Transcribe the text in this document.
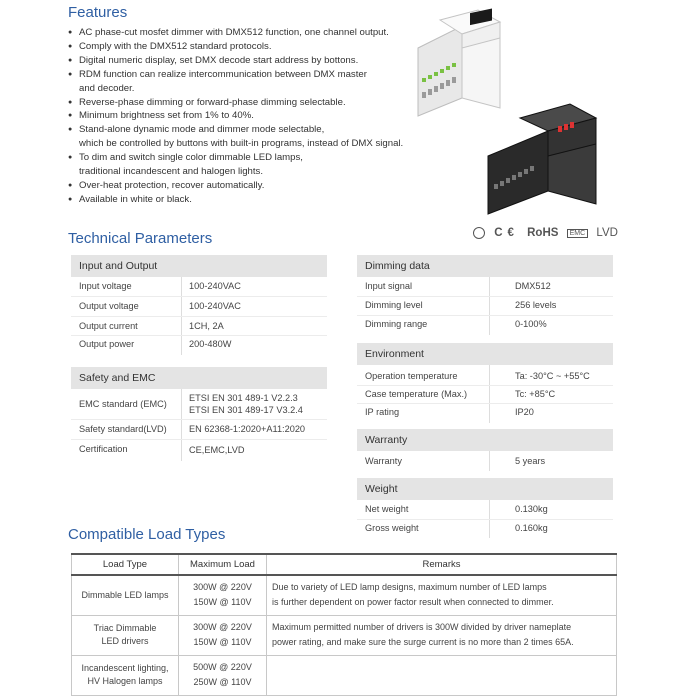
Features
● AC phase-cut mosfet dimmer with DMX512 function, one channel output.
● Comply with the DMX512 standard protocols.
● Digital numeric display, set DMX decode start address by bottons.
● RDM function can realize intercommunication between DMX master
and decoder.
● Reverse-phase dimming or forward-phase dimming selectable.
● Minimum brightness set from 1% to 40%.
● Stand-alone dynamic mode and dimmer mode selectable,
which be controlled by buttons with built-in programs, instead of DMX signal.
● To dim and switch single color dimmable LED lamps,
traditional incandescent and halogen lights.
● Over-heat protection, recover automatically.
● Available in white or black.
C € RoHS EMC LVD
Technical Parameters
Input and Output
Input voltage	100-240VAC
Output voltage	100-240VAC
Output current	1CH, 2A
Output power	200-480W
Safety and EMC
EMC standard (EMC)
ETSI EN 301 489-1 V2.2.3
ETSI EN 301 489-17 V3.2.4
Safety standard(LVD) EN 62368-1:2020+A11:2020
Certification	CE,EMC,LVD
Dimming data
Input signal	DMX512
Dimming level	256 levels
Dimming range	0-100%
Environment
Operation temperature	Ta: -30°C ~ +55°C
Case temperature (Max.)	Tc: +85°C
IP rating	IP20
Warranty
Warranty	5 years
Weight
Net weight	0.130kg
Gross weight	0.160kg
Compatible Load Types
Load Type	Maximum Load	Remarks
Dimmable LED lamps	300W @ 220V
150W @ 110V	Due to variety of LED lamp designs, maximum number of LED lamps
is further dependent on power factor result when connected to dimmer.
Triac Dimmable
LED drivers	300W @ 220V
150W @ 110V	Maximum permitted number of drivers is 300W divided by driver nameplate
power rating, and make sure the surge current is no more than 2 times 65A.
Incandescent lighting,
HV Halogen lamps	500W @ 220V
250W @ 110V	
